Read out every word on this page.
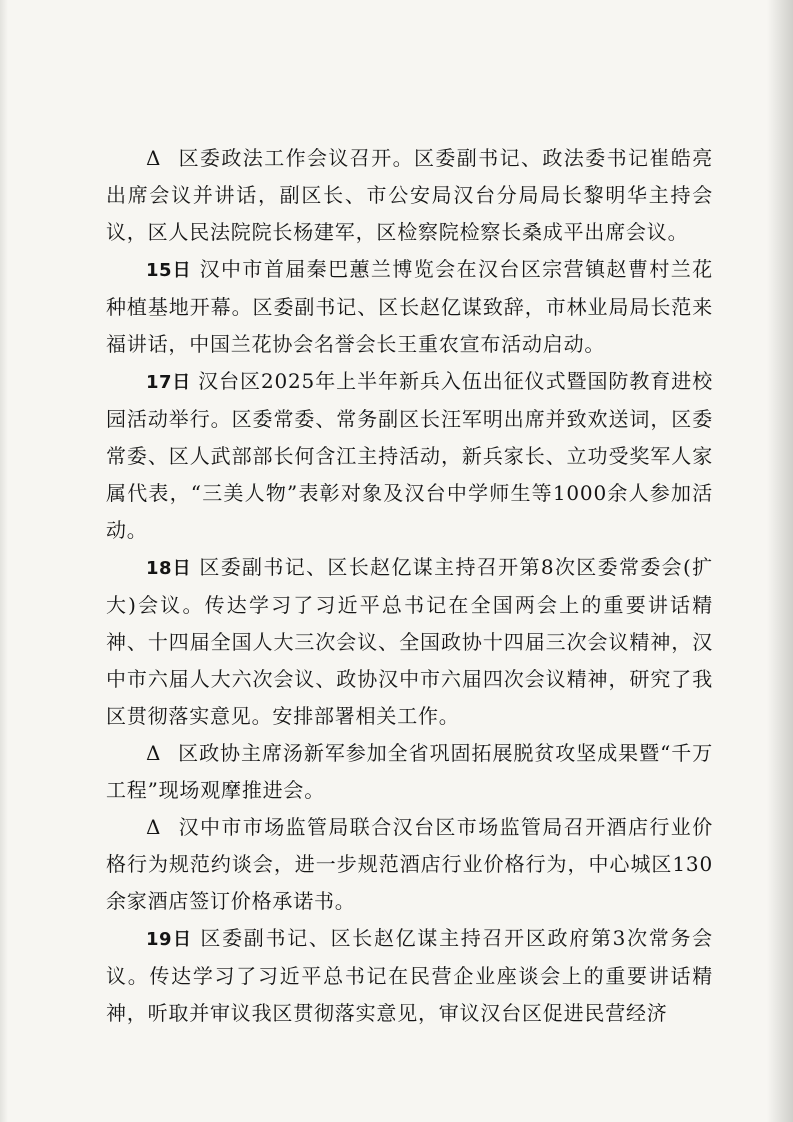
Δ 区委政法工作会议召开。区委副书记、政法委书记崔皓亮出席会议并讲话，副区长、市公安局汉台分局局长黎明华主持会议，区人民法院院长杨建军，区检察院检察长桑成平出席会议。

15日 汉中市首届秦巴蕙兰博览会在汉台区宗营镇赵曹村兰花种植基地开幕。区委副书记、区长赵亿谋致辞，市林业局局长范来福讲话，中国兰花协会名誉会长王重农宣布活动启动。

17日 汉台区2025年上半年新兵入伍出征仪式暨国防教育进校园活动举行。区委常委、常务副区长汪军明出席并致欢送词，区委常委、区人武部部长何含江主持活动，新兵家长、立功受奖军人家属代表，“三美人物”表彰对象及汉台中学师生等1000余人参加活动。

18日 区委副书记、区长赵亿谋主持召开第8次区委常委会(扩大)会议。传达学习了习近平总书记在全国两会上的重要讲话精神、十四届全国人大三次会议、全国政协十四届三次会议精神，汉中市六届人大六次会议、政协汉中市六届四次会议精神，研究了我区贯彻落实意见。安排部署相关工作。

Δ 区政协主席汤新军参加全省巩固拓展脱贫攻坚成果暨“千万工程”现场观摩推进会。

Δ 汉中市市场监管局联合汉台区市场监管局召开酒店行业价格行为规范约谈会，进一步规范酒店行业价格行为，中心城区130余家酒店签订价格承诺书。

19日 区委副书记、区长赵亿谋主持召开区政府第3次常务会议。传达学习了习近平总书记在民营企业座谈会上的重要讲话精神，听取并审议我区贯彻落实意见，审议汉台区促进民营经济
